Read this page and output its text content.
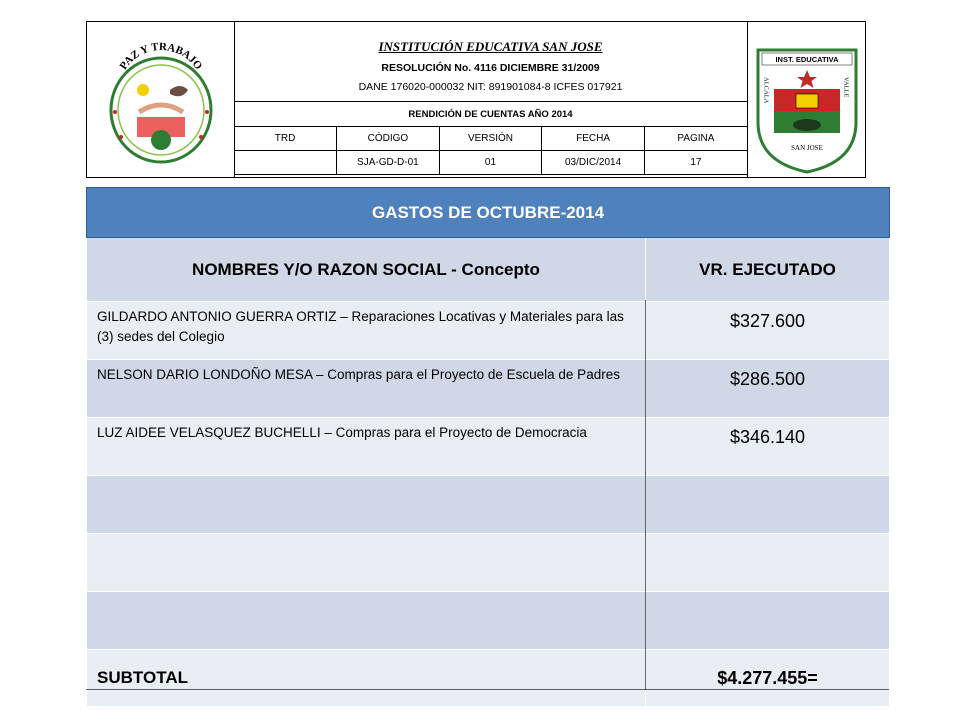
PAZ Y TRABAJO
INSTITUCIÓN EDUCATIVA SAN JOSE
RESOLUCIÓN No. 4116 DICIEMBRE 31/2009
DANE 176020-000032 NIT: 891901084-8 ICFES 017921
RENDICIÓN DE CUENTAS AÑO 2014
TRD	CÓDIGO	VERSIÓN	FECHA	PAGINA
	SJA-GD-D-01	01	03/DIC/2014	17
INST. EDUCATIVA
ALCALA	VALLE
SAN JOSE
GASTOS DE OCTUBRE-2014	
NOMBRES Y/O RAZON SOCIAL - Concepto	VR. EJECUTADO
GILDARDO ANTONIO GUERRA ORTIZ – Reparaciones Locativas y Materiales para las (3) sedes del Colegio	$327.600
NELSON DARIO LONDOÑO MESA – Compras para el Proyecto de Escuela de Padres	$286.500
LUZ AIDEE VELASQUEZ BUCHELLI – Compras para el Proyecto de Democracia	$346.140

SUBTOTAL	$4.277.455=
